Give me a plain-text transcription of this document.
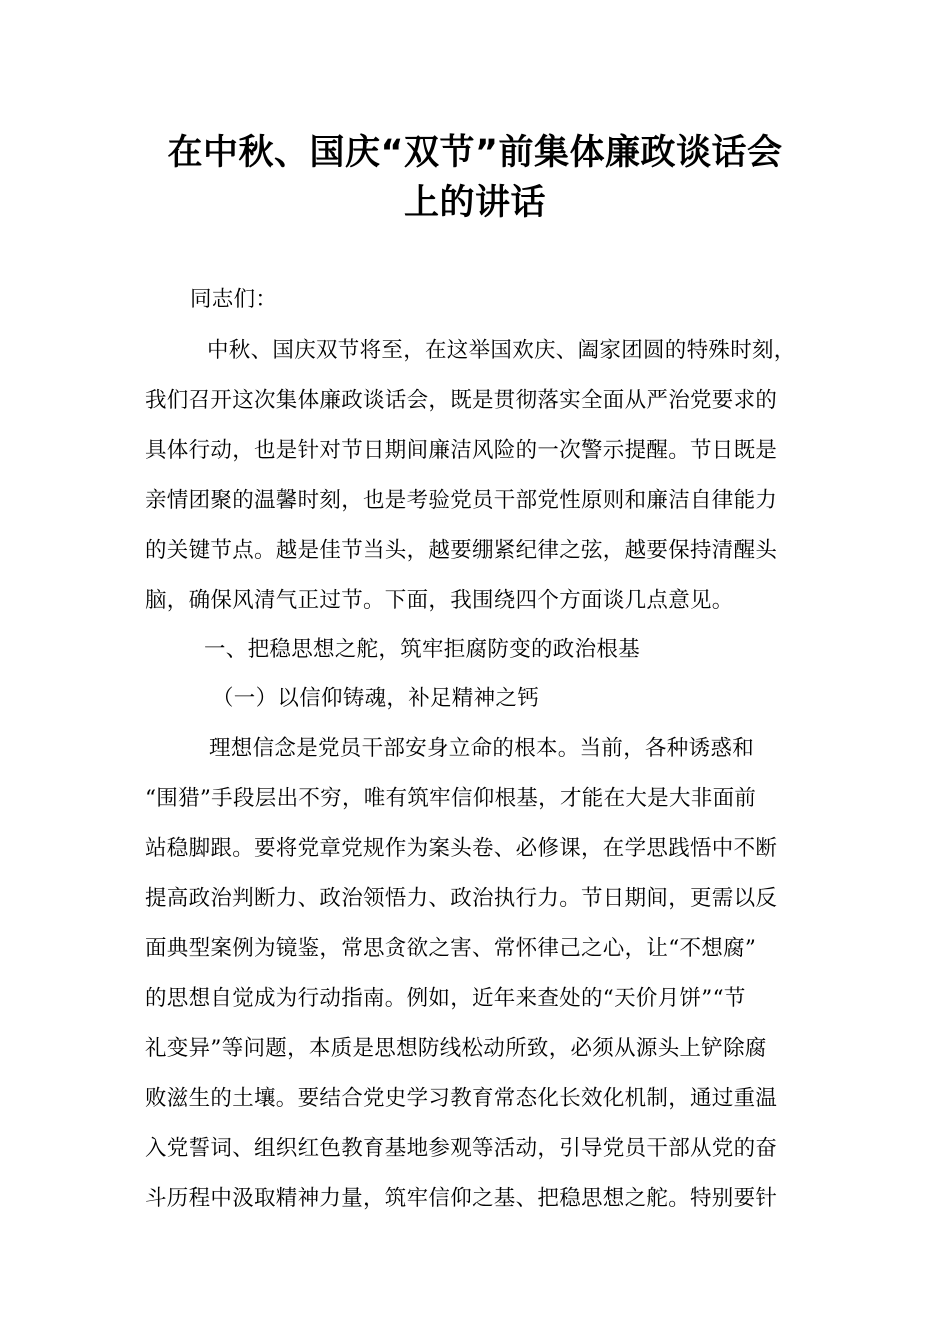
在中秋、国庆“双节”前集体廉政谈话会
上的讲话
同志们：
中秋、国庆双节将至，在这举国欢庆、阖家团圆的特殊时刻，
我们召开这次集体廉政谈话会，既是贯彻落实全面从严治党要求的
具体行动，也是针对节日期间廉洁风险的一次警示提醒。节日既是
亲情团聚的温馨时刻，也是考验党员干部党性原则和廉洁自律能力
的关键节点。越是佳节当头，越要绷紧纪律之弦，越要保持清醒头
脑，确保风清气正过节。下面，我围绕四个方面谈几点意见。
一、把稳思想之舵，筑牢拒腐防变的政治根基
（一）以信仰铸魂，补足精神之钙
理想信念是党员干部安身立命的根本。当前，各种诱惑和
“围猎”手段层出不穷，唯有筑牢信仰根基，才能在大是大非面前
站稳脚跟。要将党章党规作为案头卷、必修课，在学思践悟中不断
提高政治判断力、政治领悟力、政治执行力。节日期间，更需以反
面典型案例为镜鉴，常思贪欲之害、常怀律己之心，让“不想腐”
的思想自觉成为行动指南。例如，近年来查处的“天价月饼”“节
礼变异”等问题，本质是思想防线松动所致，必须从源头上铲除腐
败滋生的土壤。要结合党史学习教育常态化长效化机制，通过重温
入党誓词、组织红色教育基地参观等活动，引导党员干部从党的奋
斗历程中汲取精神力量，筑牢信仰之基、把稳思想之舵。特别要针
